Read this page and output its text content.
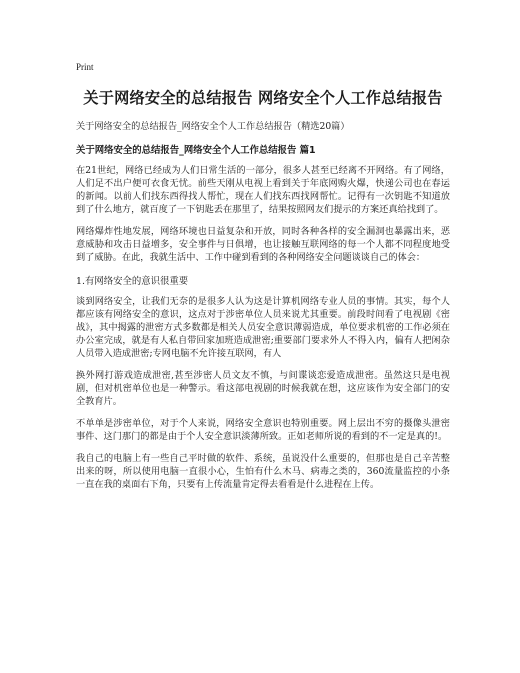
Print
关于网络安全的总结报告 网络安全个人工作总结报告

关于网络安全的总结报告_网络安全个人工作总结报告（精选20篇）

关于网络安全的总结报告_网络安全个人工作总结报告 篇1

在21世纪，网络已经成为人们日常生活的一部分，很多人甚至已经离不开网络。有了网络，人们足不出户便可衣食无忧。前些天刚从电视上看到关于年底网购火爆，快递公司也在春运的新闻。以前人们找东西得找人帮忙，现在人们找东西找网帮忙。记得有一次钥匙不知道放到了什么地方，就百度了一下钥匙丢在那里了，结果按照网友们提示的方案还真给找到了。

网络爆炸性地发展，网络环境也日益复杂和开放，同时各种各样的安全漏洞也暴露出来，恶意威胁和攻击日益增多，安全事件与日俱增，也让接触互联网络的每一个人都不同程度地受到了威胁。在此，我就生活中、工作中碰到看到的各种网络安全问题谈谈自己的体会：

1.有网络安全的意识很重要

谈到网络安全，让我们无奈的是很多人认为这是计算机网络专业人员的事情。其实，每个人都应该有网络安全的意识，这点对于涉密单位人员来说尤其重要。前段时间看了电视剧《密战》，其中揭露的泄密方式多数都是相关人员安全意识薄弱造成，单位要求机密的工作必须在办公室完成，就是有人私自带回家加班造成泄密;重要部门要求外人不得入内，偏有人把闲杂人员带入造成泄密;专网电脑不允许接互联网，有人

换外网打游戏造成泄密,甚至涉密人员文友不慎，与间谍谈恋爱造成泄密。虽然这只是电视剧，但对机密单位也是一种警示。看这部电视剧的时候我就在想，这应该作为安全部门的安全教育片。

不单单是涉密单位，对于个人来说，网络安全意识也特别重要。网上层出不穷的摄像头泄密事件、这门那门的都是由于个人安全意识淡薄所致。正如老师所说的看到的不一定是真的!。

我自己的电脑上有一些自己平时做的软件、系统，虽说没什么重要的，但那也是自己辛苦整出来的呀，所以使用电脑一直很小心，生怕有什么木马、病毒之类的，360流量监控的小条一直在我的桌面右下角，只要有上传流量肯定得去看看是什么进程在上传。
